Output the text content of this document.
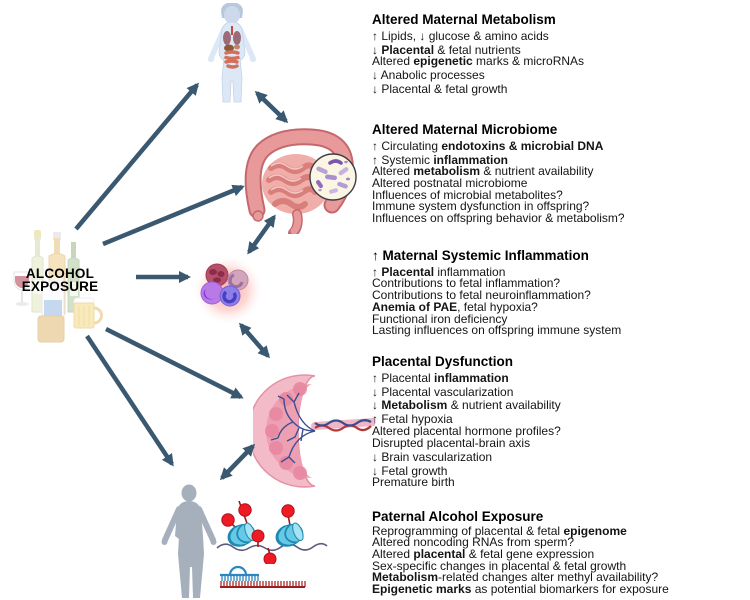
ALCOHOL
EXPOSURE
Altered Maternal Metabolism
↑ Lipids, ↓ glucose & amino acids
↓ Placental & fetal nutrients
Altered epigenetic marks & microRNAs
↓ Anabolic processes
↓ Placental & fetal growth
Altered Maternal Microbiome
↑ Circulating endotoxins & microbial DNA
↑ Systemic inflammation
Altered metabolism & nutrient availability
Altered postnatal microbiome
Influences of microbial metabolites?
Immune system dysfunction in offspring?
Influences on offspring behavior & metabolism?
↑ Maternal Systemic Inflammation
↑ Placental inflammation
Contributions to fetal inflammation?
Contributions to fetal neuroinflammation?
Anemia of PAE, fetal hypoxia?
Functional iron deficiency
Lasting influences on offspring immune system
Placental Dysfunction
↑ Placental inflammation
↓ Placental vascularization
↓ Metabolism & nutrient availability
↑ Fetal hypoxia
Altered placental hormone profiles?
Disrupted placental-brain axis
↓ Brain vascularization
↓ Fetal growth
Premature birth
Paternal Alcohol Exposure
Reprogramming of placental & fetal epigenome
Altered noncoding RNAs from sperm?
Altered placental & fetal gene expression
Sex-specific changes in placental & fetal growth
Metabolism-related changes alter methyl availability?
Epigenetic marks as potential biomarkers for exposure
